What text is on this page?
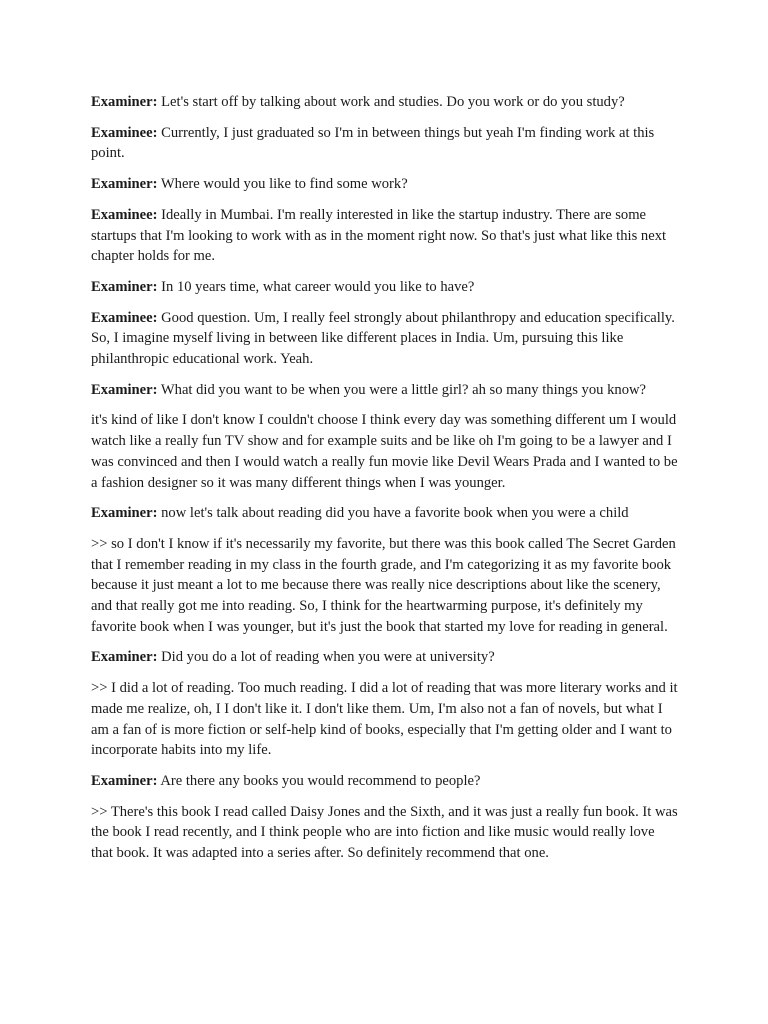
Examiner: Let's start off by talking about work and studies. Do you work or do you study?

Examinee: Currently, I just graduated so I'm in between things but yeah I'm finding work at this point.

Examiner: Where would you like to find some work?

Examinee: Ideally in Mumbai. I'm really interested in like the startup industry. There are some startups that I'm looking to work with as in the moment right now. So that's just what like this next chapter holds for me.

Examiner: In 10 years time, what career would you like to have?

Examinee: Good question. Um, I really feel strongly about philanthropy and education specifically. So, I imagine myself living in between like different places in India. Um, pursuing this like philanthropic educational work. Yeah.

Examiner: What did you want to be when you were a little girl? ah so many things you know?

it's kind of like I don't know I couldn't choose I think every day was something different um I would watch like a really fun TV show and for example suits and be like oh I'm going to be a lawyer and I was convinced and then I would watch a really fun movie like Devil Wears Prada and I wanted to be a fashion designer so it was many different things when I was younger.

Examiner: now let's talk about reading did you have a favorite book when you were a child

>> so I don't I know if it's necessarily my favorite, but there was this book called The Secret Garden that I remember reading in my class in the fourth grade, and I'm categorizing it as my favorite book because it just meant a lot to me because there was really nice descriptions about like the scenery, and that really got me into reading. So, I think for the heartwarming purpose, it's definitely my favorite book when I was younger, but it's just the book that started my love for reading in general.

Examiner: Did you do a lot of reading when you were at university?

>> I did a lot of reading. Too much reading. I did a lot of reading that was more literary works and it made me realize, oh, I I don't like it. I don't like them. Um, I'm also not a fan of novels, but what I am a fan of is more fiction or self-help kind of books, especially that I'm getting older and I want to incorporate habits into my life.

Examiner: Are there any books you would recommend to people?

>> There's this book I read called Daisy Jones and the Sixth, and it was just a really fun book. It was the book I read recently, and I think people who are into fiction and like music would really love that book. It was adapted into a series after. So definitely recommend that one.
